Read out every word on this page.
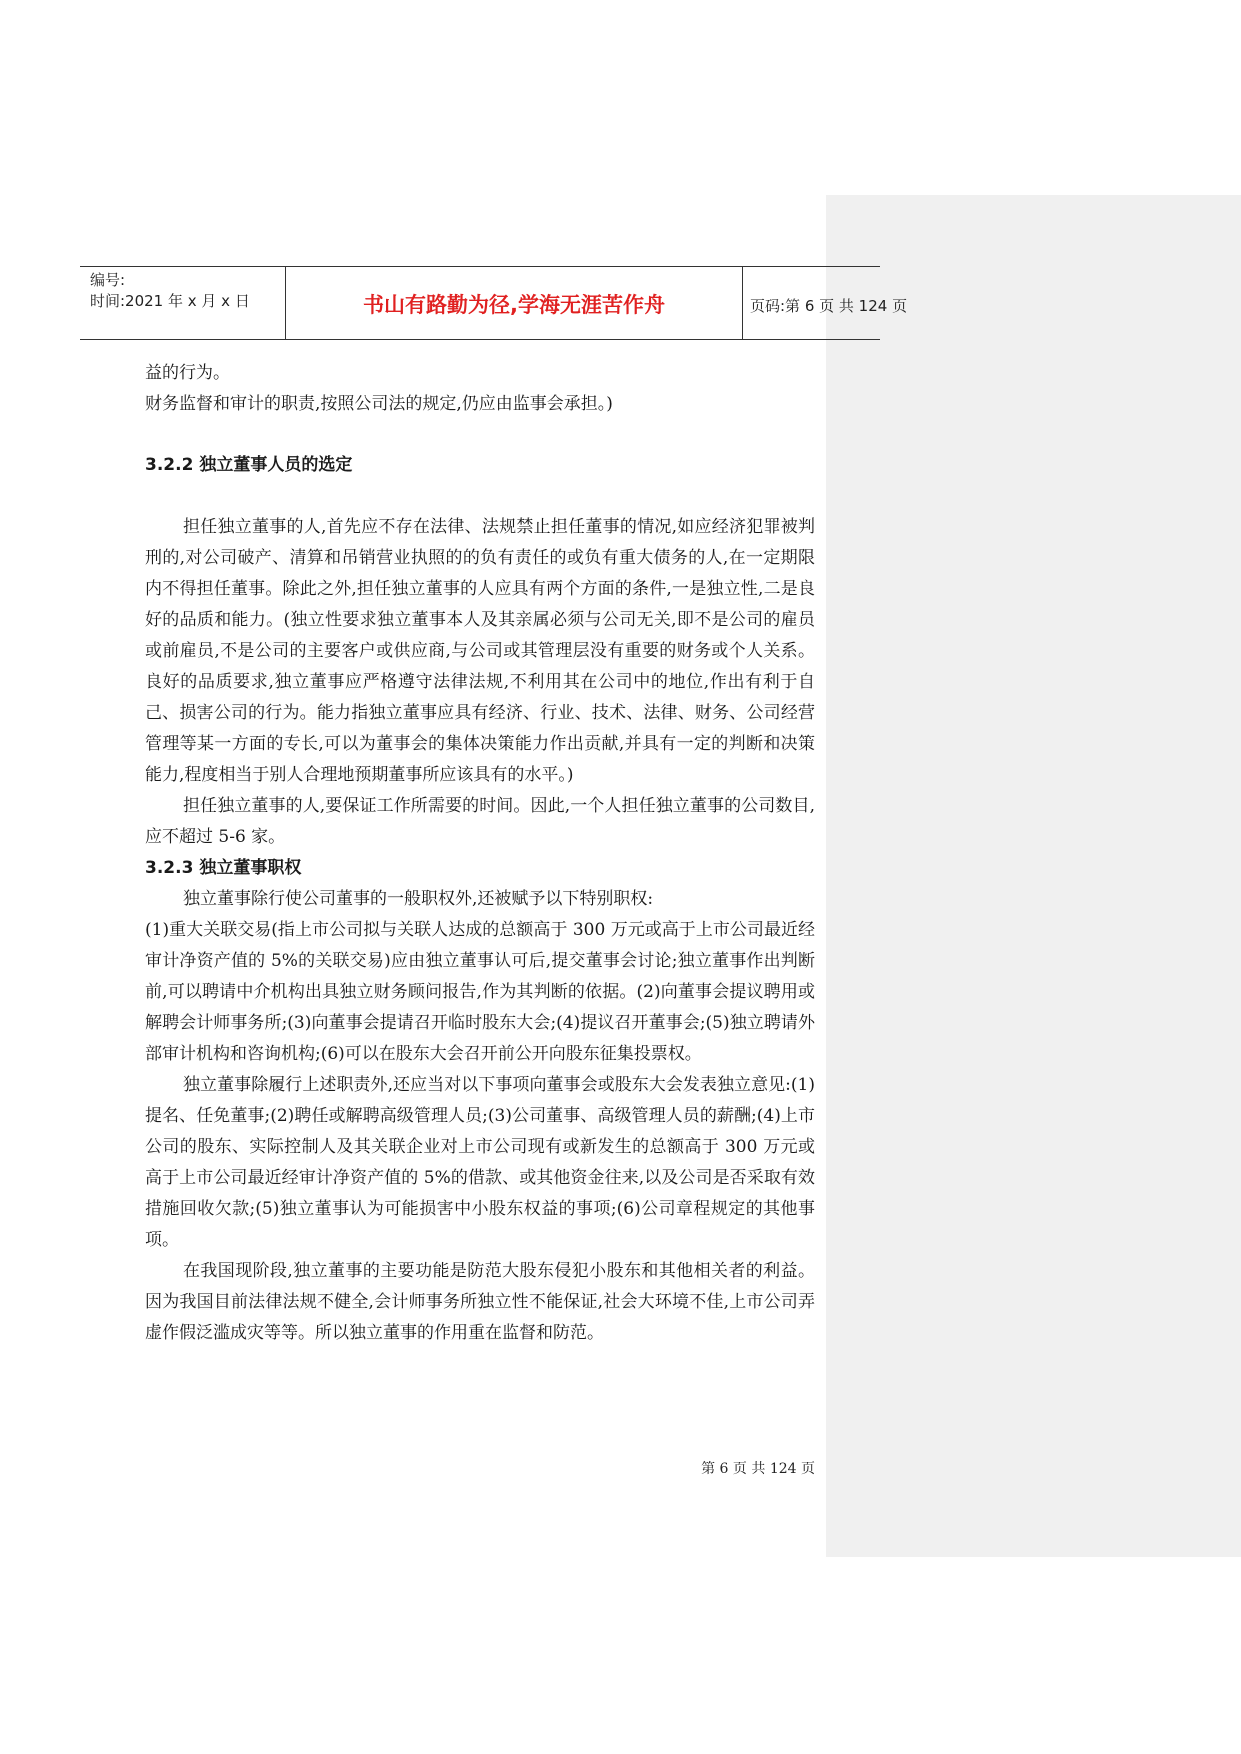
编号:
时间:2021 年 x 月 x 日	书山有路勤为径,学海无涯苦作舟	页码:第 6 页 共 124 页

益的行为。

财务监督和审计的职责,按照公司法的规定,仍应由监事会承担。)

3.2.2 独立董事人员的选定

担任独立董事的人,首先应不存在法律、法规禁止担任董事的情况,如应经济犯罪被判刑的,对公司破产、清算和吊销营业执照的的负有责任的或负有重大债务的人,在一定期限内不得担任董事。除此之外,担任独立董事的人应具有两个方面的条件,一是独立性,二是良好的品质和能力。(独立性要求独立董事本人及其亲属必须与公司无关,即不是公司的雇员或前雇员,不是公司的主要客户或供应商,与公司或其管理层没有重要的财务或个人关系。良好的品质要求,独立董事应严格遵守法律法规,不利用其在公司中的地位,作出有利于自己、损害公司的行为。能力指独立董事应具有经济、行业、技术、法律、财务、公司经营管理等某一方面的专长,可以为董事会的集体决策能力作出贡献,并具有一定的判断和决策能力,程度相当于别人合理地预期董事所应该具有的水平。)

担任独立董事的人,要保证工作所需要的时间。因此,一个人担任独立董事的公司数目,应不超过 5-6 家。

3.2.3 独立董事职权

独立董事除行使公司董事的一般职权外,还被赋予以下特别职权:

(1)重大关联交易(指上市公司拟与关联人达成的总额高于 300 万元或高于上市公司最近经审计净资产值的 5%的关联交易)应由独立董事认可后,提交董事会讨论;独立董事作出判断前,可以聘请中介机构出具独立财务顾问报告,作为其判断的依据。(2)向董事会提议聘用或解聘会计师事务所;(3)向董事会提请召开临时股东大会;(4)提议召开董事会;(5)独立聘请外部审计机构和咨询机构;(6)可以在股东大会召开前公开向股东征集投票权。

独立董事除履行上述职责外,还应当对以下事项向董事会或股东大会发表独立意见:(1)提名、任免董事;(2)聘任或解聘高级管理人员;(3)公司董事、高级管理人员的薪酬;(4)上市公司的股东、实际控制人及其关联企业对上市公司现有或新发生的总额高于 300 万元或高于上市公司最近经审计净资产值的 5%的借款、或其他资金往来,以及公司是否采取有效措施回收欠款;(5)独立董事认为可能损害中小股东权益的事项;(6)公司章程规定的其他事项。

在我国现阶段,独立董事的主要功能是防范大股东侵犯小股东和其他相关者的利益。因为我国目前法律法规不健全,会计师事务所独立性不能保证,社会大环境不佳,上市公司弄虚作假泛滥成灾等等。所以独立董事的作用重在监督和防范。

第 6 页 共 124 页
